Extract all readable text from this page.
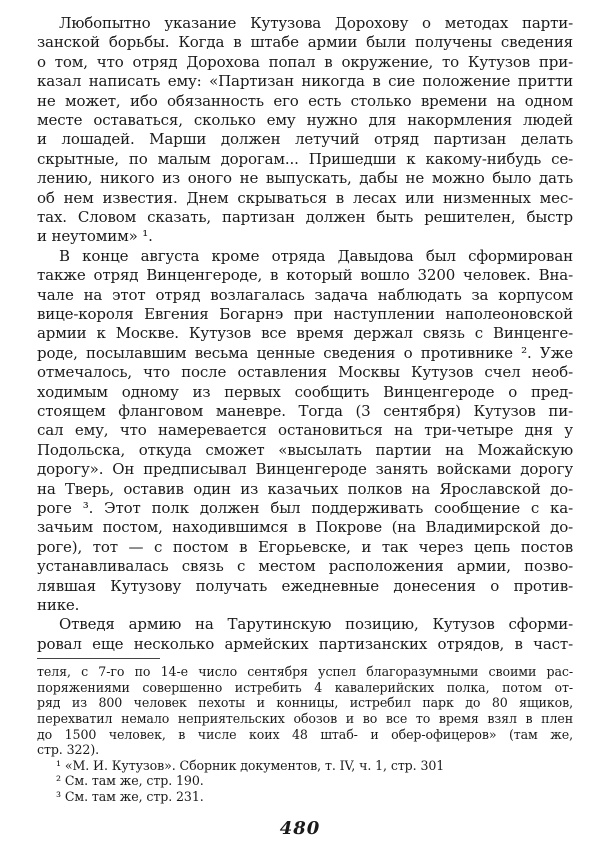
Любопытно указание Кутузова Дорохову о методах парти-
занской борьбы. Когда в штабе армии были получены сведения
о том, что отряд Дорохова попал в окружение, то Кутузов при-
казал написать ему: «Партизан никогда в сие положение притти
не может, ибо обязанность его есть столько времени на одном
месте оставаться, сколько ему нужно для накормления людей
и лошадей. Марши должен летучий отряд партизан делать
скрытные, по малым дорогам... Пришедши к какому-нибудь се-
лению, никого из оного не выпускать, дабы не можно было дать
об нем известия. Днем скрываться в лесах или низменных мес-
тах. Словом сказать, партизан должен быть решителен, быстр
и неутомим» ¹.
В конце августа кроме отряда Давыдова был сформирован
также отряд Винценгероде, в который вошло 3200 человек. Вна-
чале на этот отряд возлагалась задача наблюдать за корпусом
вице-короля Евгения Богарнэ при наступлении наполеоновской
армии к Москве. Кутузов все время держал связь с Винценге-
роде, посылавшим весьма ценные сведения о противнике ². Уже
отмечалось, что после оставления Москвы Кутузов счел необ-
ходимым одному из первых сообщить Винценгероде о пред-
стоящем фланговом маневре. Тогда (3 сентября) Кутузов пи-
сал ему, что намеревается остановиться на три-четыре дня у
Подольска, откуда сможет «высылать партии на Можайскую
дорогу». Он предписывал Винценгероде занять войсками дорогу
на Тверь, оставив один из казачьих полков на Ярославской до-
роге ³. Этот полк должен был поддерживать сообщение с ка-
зачьим постом, находившимся в Покрове (на Владимирской до-
роге), тот — с постом в Егорьевске, и так через цепь постов
устанавливалась связь с местом расположения армии, позво-
лявшая Кутузову получать ежедневные донесения о против-
нике.
Отведя армию на Тарутинскую позицию, Кутузов сформи-
ровал еще несколько армейских партизанских отрядов, в част-
теля, с 7-го по 14-е число сентября успел благоразумными своими рас-
поряжениями совершенно истребить 4 кавалерийских полка, потом от-
ряд из 800 человек пехоты и конницы, истребил парк до 80 ящиков,
перехватил немало неприятельских обозов и во все то время взял в плен
до 1500 человек, в числе коих 48 штаб- и обер-офицеров» (там же,
стр. 322).
¹ «М. И. Кутузов». Сборник документов, т. IV, ч. 1, стр. 301
² См. там же, стр. 190.
³ См. там же, стр. 231.
480
